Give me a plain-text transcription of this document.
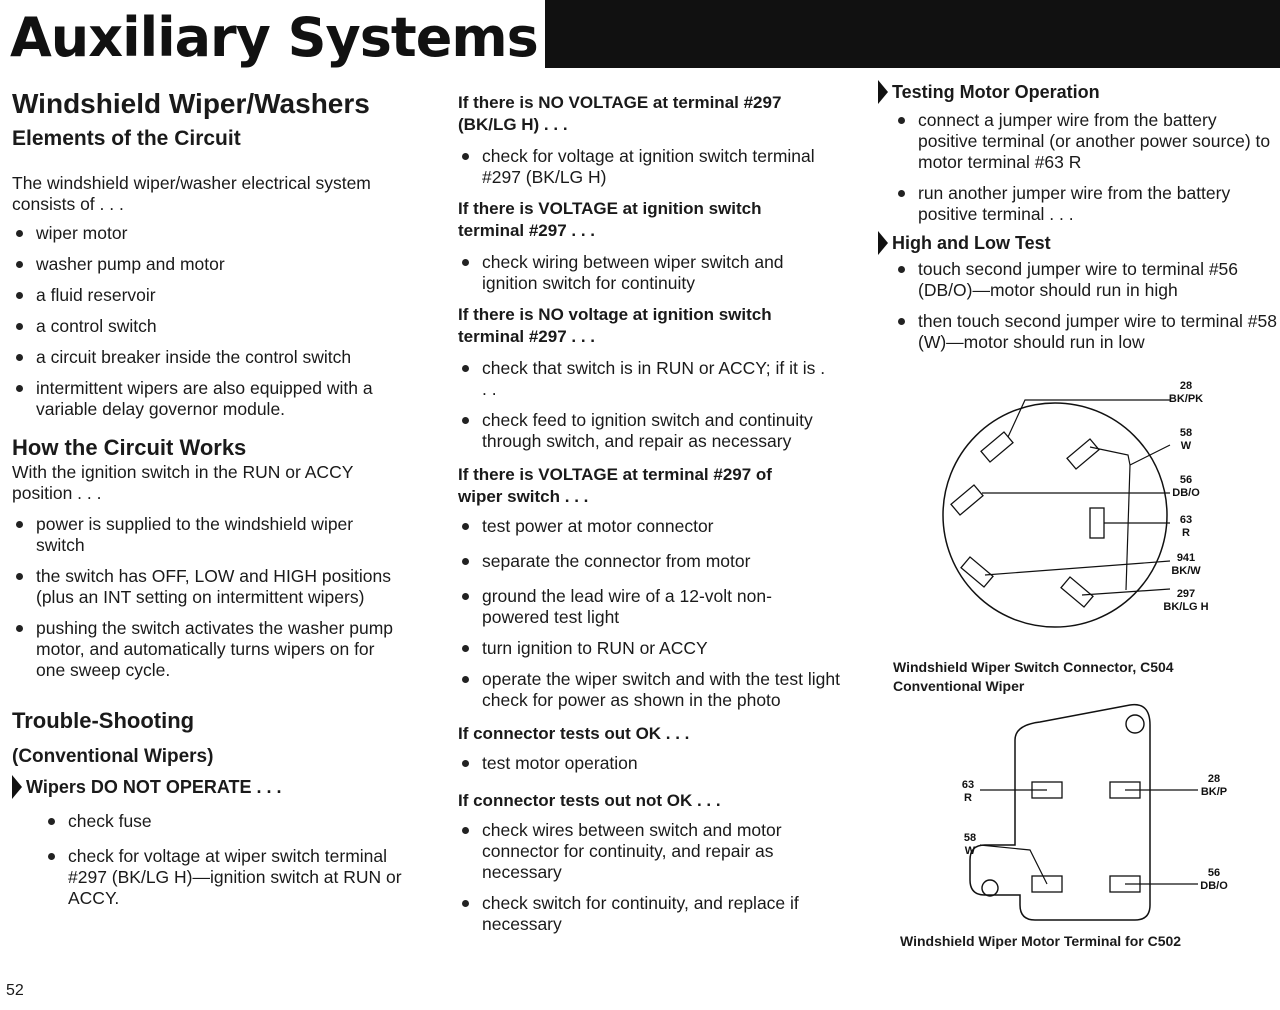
Auxiliary Systems
Windshield Wiper/Washers
Elements of the Circuit

The windshield wiper/washer electrical system consists of . . .

wiper motor
washer pump and motor
a fluid reservoir
a control switch
a circuit breaker inside the control switch
intermittent wipers are also equipped with a variable delay governor module.
How the Circuit Works

With the ignition switch in the RUN or ACCY position . . .

power is supplied to the windshield wiper switch
the switch has OFF, LOW and HIGH positions (plus an INT setting on intermittent wipers)
pushing the switch activates the washer pump motor, and automatically turns wipers on for one sweep cycle.
Trouble-Shooting
(Conventional Wipers)
Wipers DO NOT OPERATE . . .
check fuse
check for voltage at wiper switch terminal #297 (BK/LG H)—ignition switch at RUN or ACCY.
If there is NO VOLTAGE at terminal #297 (BK/LG H) . . .
check for voltage at ignition switch terminal #297 (BK/LG H)
If there is VOLTAGE at ignition switch terminal #297 . . .
check wiring between wiper switch and ignition switch for continuity
If there is NO voltage at ignition switch terminal #297 . . .
check that switch is in RUN or ACCY; if it is . . .
check feed to ignition switch and continuity through switch, and repair as necessary
If there is VOLTAGE at terminal #297 of wiper switch . . .
test power at motor connector
separate the connector from motor
ground the lead wire of a 12-volt non-powered test light
turn ignition to RUN or ACCY
operate the wiper switch and with the test light check for power as shown in the photo
If connector tests out OK . . .
test motor operation
If connector tests out not OK . . .
check wires between switch and motor connector for continuity, and repair as necessary
check switch for continuity, and replace if necessary
Testing Motor Operation
connect a jumper wire from the battery positive terminal (or another power source) to motor terminal #63 R
run another jumper wire from the battery positive terminal . . .
High and Low Test
touch second jumper wire to terminal #56 (DB/O)—motor should run in high
then touch second jumper wire to terminal #58 (W)—motor should run in low
28
BK/PK
58
W
56
DB/O
63
R
941
BK/W
297
BK/LG H
Windshield Wiper Switch Connector, C504
Conventional Wiper
63
R
58
W
28
BK/P
56
DB/O
Windshield Wiper Motor Terminal for C502
52
